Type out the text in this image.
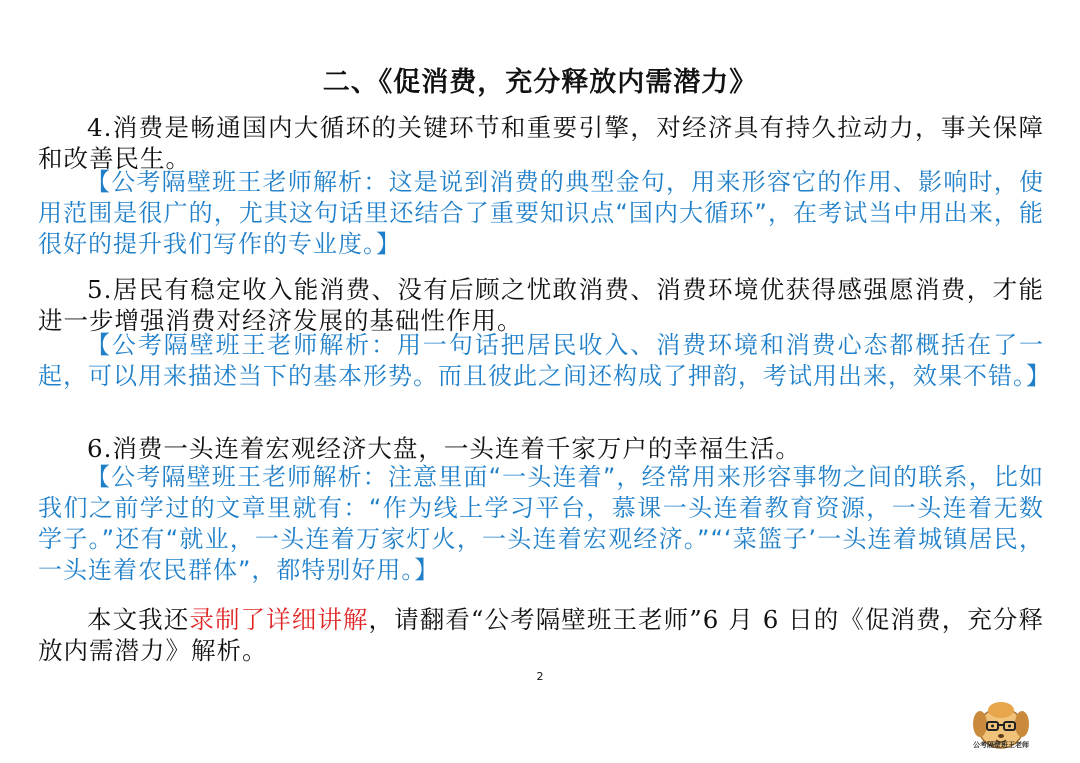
二、《促消费，充分释放内需潜力》
4.消费是畅通国内大循环的关键环节和重要引擎，对经济具有持久拉动力，事关保障和改善民生。
【公考隔壁班王老师解析：这是说到消费的典型金句，用来形容它的作用、影响时，使用范围是很广的，尤其这句话里还结合了重要知识点“国内大循环”，在考试当中用出来，能很好的提升我们写作的专业度。】
5.居民有稳定收入能消费、没有后顾之忧敢消费、消费环境优获得感强愿消费，才能进一步增强消费对经济发展的基础性作用。
【公考隔壁班王老师解析：用一句话把居民收入、消费环境和消费心态都概括在了一起，可以用来描述当下的基本形势。而且彼此之间还构成了押韵，考试用出来，效果不错。】
6.消费一头连着宏观经济大盘，一头连着千家万户的幸福生活。
【公考隔壁班王老师解析：注意里面“一头连着”，经常用来形容事物之间的联系，比如我们之前学过的文章里就有：“作为线上学习平台，慕课一头连着教育资源，一头连着无数学子。”还有“就业，一头连着万家灯火，一头连着宏观经济。”“‘菜篮子’一头连着城镇居民，一头连着农民群体”，都特别好用。】
本文我还录制了详细讲解，请翻看“公考隔壁班王老师”6 月 6 日的《促消费，充分释放内需潜力》解析。
2
公考隔壁班王老师
